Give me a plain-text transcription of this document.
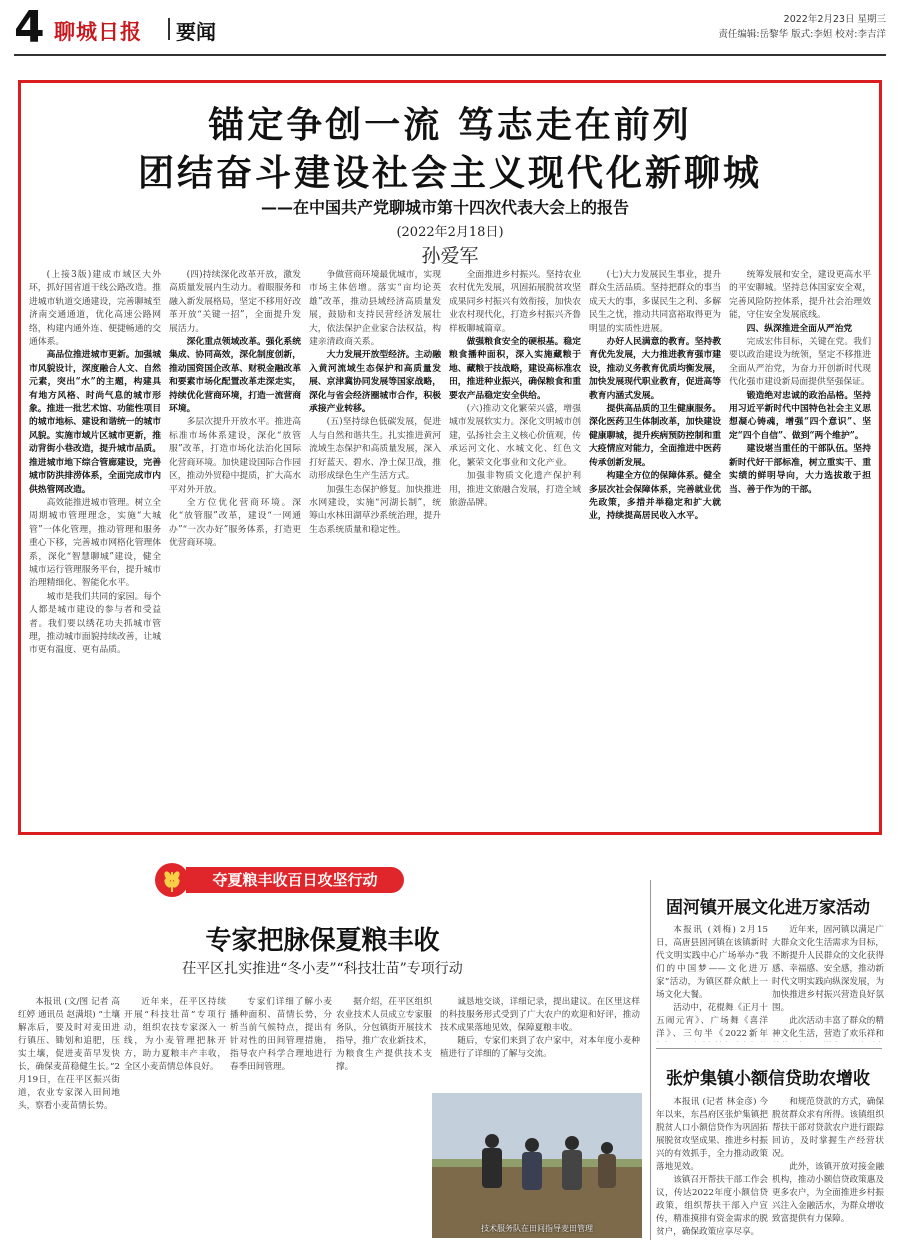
4 聊城日报 要闻
2022年2月23日 星期三
责任编辑:岳黎华 版式:李妲 校对:李吉洋
锚定争创一流 笃志走在前列
团结奋斗建设社会主义现代化新聊城
——在中国共产党聊城市第十四次代表大会上的报告
(2022年2月18日)
孙爱军

(上接3版)建成市域区大外环，抓好国省道干线公路改造。推进城市轨道交通建设，完善聊城至济南交通通道，优化高速公路网络，构建内通外连、便捷畅通的交通体系。

高品位推进城市更新。加强城市风貌设计，深度融合人文、自然元素，突出“水”的主题，构建具有地方风格、时尚气息的城市形象。推进一批艺术馆、功能性项目的城市地标、建设和谐统一的城市风貌。实施市域片区城市更新，推动背街小巷改造，提升城市品质。推进城市地下综合管廊建设，完善城市防洪排涝体系，全面完成市内供热管网改造。

高效能推进城市管理。树立全周期城市管理理念，实施“大城管”一体化管理，推动管理和服务重心下移，完善城市网格化管理体系，深化“智慧聊城”建设，健全城市运行管理服务平台，提升城市治理精细化、智能化水平。

城市是我们共同的家园。每个人都是城市建设的参与者和受益者。我们要以绣花功夫抓城市管理，推动城市面貌持续改善，让城市更有温度、更有品质。

(四)持续深化改革开放，激发高质量发展内生动力。着眼服务和融入新发展格局，坚定不移用好改革开放“关键一招”，全面提升发展活力。

深化重点领域改革。强化系统集成、协同高效，深化制度创新，推动国资国企改革、财税金融改革和要素市场化配置改革走深走实，持续优化营商环境，打造一流营商环境。

多层次提升开放水平。推进高标准市场体系建设，深化“放管服”改革，打造市场化法治化国际化营商环境。加快建设国际合作园区，推动外贸稳中提质，扩大高水平对外开放。

全方位优化营商环境。深化“放管服”改革，建设“一网通办”“一次办好”服务体系，打造更优营商环境。

争做营商环境最优城市，实现市场主体倍增。落实“亩均论英雄”改革，推动县域经济高质量发展，鼓励和支持民营经济发展壮大，依法保护企业家合法权益，构建亲清政商关系。

大力发展开放型经济。主动融入黄河流域生态保护和高质量发展、京津冀协同发展等国家战略，深化与省会经济圈城市合作，积极承接产业转移。

(五)坚持绿色低碳发展，促进人与自然和谐共生。扎实推进黄河流域生态保护和高质量发展，深入打好蓝天、碧水、净土保卫战，推动形成绿色生产生活方式。

加强生态保护修复。加快推进水网建设，实施“河湖长制”，统筹山水林田湖草沙系统治理，提升生态系统质量和稳定性。

全面推进乡村振兴。坚持农业农村优先发展，巩固拓展脱贫攻坚成果同乡村振兴有效衔接，加快农业农村现代化，打造乡村振兴齐鲁样板聊城篇章。

做强粮食安全的硬根基。稳定粮食播种面积，深入实施藏粮于地、藏粮于技战略，建设高标准农田，推进种业振兴，确保粮食和重要农产品稳定安全供给。

(六)推动文化繁荣兴盛，增强城市发展软实力。深化文明城市创建，弘扬社会主义核心价值观，传承运河文化、水城文化、红色文化，繁荣文化事业和文化产业。

加强非物质文化遗产保护利用，推进文旅融合发展，打造全域旅游品牌。

(七)大力发展民生事业，提升群众生活品质。坚持把群众的事当成天大的事，多谋民生之利、多解民生之忧，推动共同富裕取得更为明显的实质性进展。

办好人民满意的教育。坚持教育优先发展，大力推进教育强市建设，推动义务教育优质均衡发展，加快发展现代职业教育，促进高等教育内涵式发展。

提供高品质的卫生健康服务。深化医药卫生体制改革，加快建设健康聊城，提升疾病预防控制和重大疫情应对能力，全面推进中医药传承创新发展。

构建全方位的保障体系。健全多层次社会保障体系，完善就业优先政策，多措并举稳定和扩大就业，持续提高居民收入水平。

统筹发展和安全，建设更高水平的平安聊城。坚持总体国家安全观，完善风险防控体系，提升社会治理效能，守住安全发展底线。

四、纵深推进全面从严治党

完成宏伟目标，关键在党。我们要以政治建设为统领，坚定不移推进全面从严治党，为奋力开创新时代现代化强市建设新局面提供坚强保证。

锻造绝对忠诚的政治品格。坚持用习近平新时代中国特色社会主义思想凝心铸魂，增强“四个意识”、坚定“四个自信”、做到“两个维护”。

建设堪当重任的干部队伍。坚持新时代好干部标准，树立重实干、重实绩的鲜明导向，大力选拔敢于担当、善于作为的干部。

夺夏粮丰收百日攻坚行动
专家把脉保夏粮丰收
茌平区扎实推进“冬小麦”“科技壮苗”专项行动

本报讯 (文/图 记者 高红婷 通讯员 赵满垠) “土壤解冻后，要及时对麦田进行镇压、锄划和追肥，压实土壤，促进麦苗早发快长，确保麦苗稳健生长。”2月19日，在茌平区振兴街道，农业专家深入田间地头，察看小麦苗情长势。

近年来，茌平区持续开展“科技壮苗”专项行动，组织农技专家深入一线，为小麦管理把脉开方，助力夏粮丰产丰收，全区小麦苗情总体良好。

专家们详细了解小麦播种面积、苗情长势，分析当前气候特点，提出有针对性的田间管理措施，指导农户科学合理地进行春季田间管理。

据介绍，茌平区组织农业技术人员成立专家服务队，分包镇街开展技术指导，推广农业新技术，为粮食生产提供技术支撑。

诚恳地交谈，详细记录，提出建议。在区里这样的科技服务形式受到了广大农户的欢迎和好评，推动技术成果落地见效，保障夏粮丰收。

随后，专家们来到了农户家中，对本年度小麦种植进行了详细的了解与交流。

技术服务队在田间指导麦田管理
固河镇开展文化进万家活动

本报讯 (刘梅) 2月15日，高唐县固河镇在该镇新时代文明实践中心广场举办“我们的中国梦——文化进万家”活动，为镇区群众献上一场文化大餐。

活动中，花棍舞《正月十五闹元宵》、广场舞《喜洋洋》、三句半《2022新年

近年来，固河镇以满足广大群众文化生活需求为目标，不断提升人民群众的文化获得感、幸福感、安全感，推动新时代文明实践向纵深发展，为加快推进乡村振兴营造良好氛围。

此次活动丰富了群众的精神文化生活，营造了欢乐祥和

张炉集镇小额信贷助农增收

本报讯 (记者 林金彦) 今年以来，东昌府区张炉集镇把脱贫人口小额信贷作为巩固拓展脱贫攻坚成果、推进乡村振兴的有效抓手，全力推动政策落地见效。

该镇召开帮扶干部工作会议，传达2022年度小额信贷政策，组织帮扶干部入户宣传，精准摸排有资金需求的脱贫户，确保政策应享尽享。

和规范贷款的方式，确保脱贫群众求有所得。该镇组织帮扶干部对贷款农户进行跟踪回访，及时掌握生产经营状况。

此外，该镇开放对接金融机构，推动小额信贷政策惠及更多农户，为全面推进乡村振兴注入金融活水，为群众增收致富提供有力保障。
